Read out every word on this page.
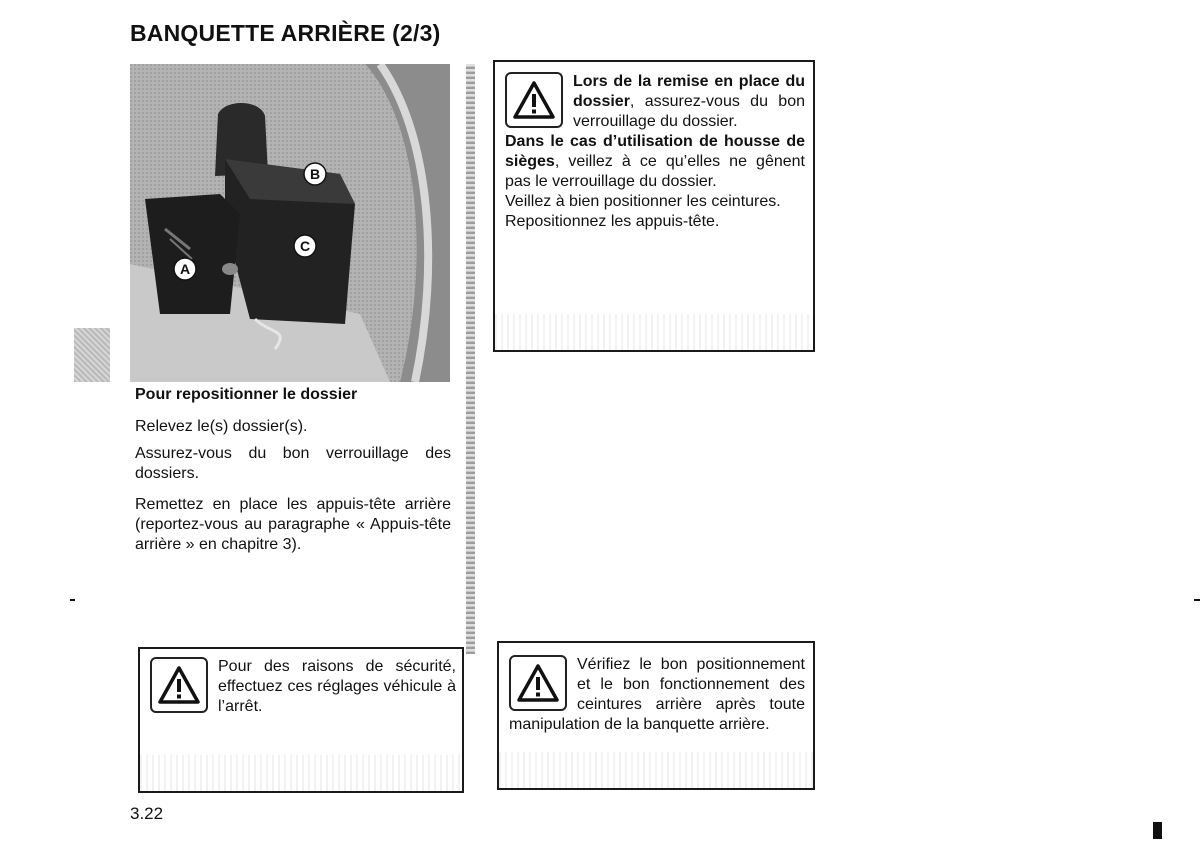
BANQUETTE ARRIÈRE (2/3)
A
B
C
Pour repositionner le dossier
Relevez le(s) dossier(s).
Assurez-vous du bon verrouillage des dossiers.
Remettez en place les appuis-tête arrière (reportez-vous au paragraphe « Appuis-tête arrière » en chapitre 3).
Lors de la remise en place du dossier, assurez-vous du bon verrouillage du dossier.
Dans le cas d’utilisation de housse de sièges, veillez à ce qu’elles ne gênent pas le verrouillage du dossier.
Veillez à bien positionner les ceintures.
Repositionnez les appuis-tête.
Pour des raisons de sécurité, effectuez ces réglages véhicule à l’arrêt.
Vérifiez le bon positionnement et le bon fonctionnement des ceintures arrière après toute manipulation de la banquette arrière.
3.22
